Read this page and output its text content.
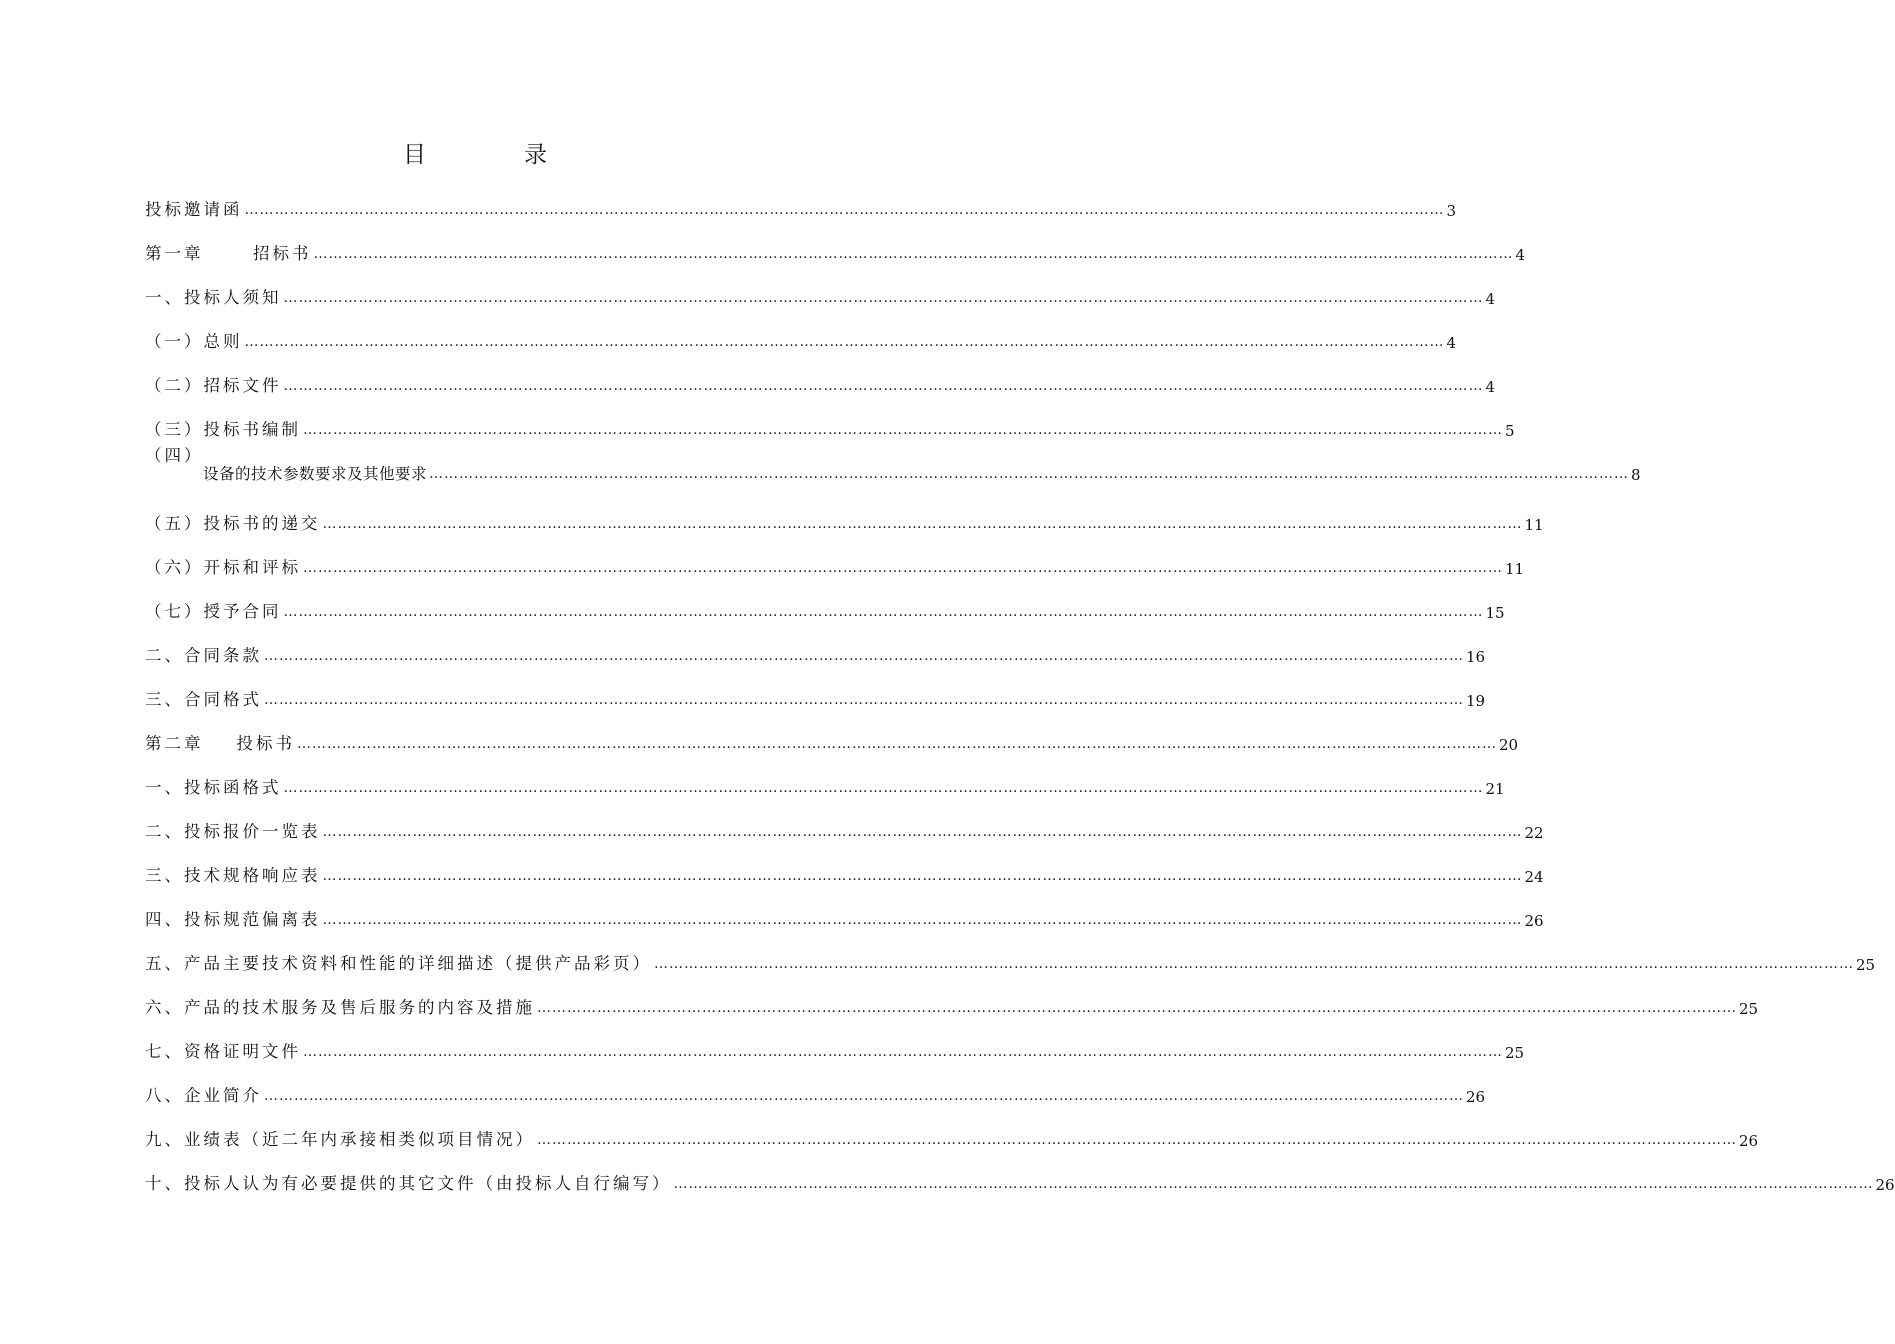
目	录
投标邀请函 …………………………………………………………………………………………………………………………………………………………………………………………………………………… 3
第一章      招标书 …………………………………………………………………………………………………………………………………………………………………………………………………………………… 4
一、投标人须知 …………………………………………………………………………………………………………………………………………………………………………………………………………………… 4
（一）总则 …………………………………………………………………………………………………………………………………………………………………………………………………………………… 4
（二）招标文件 …………………………………………………………………………………………………………………………………………………………………………………………………………………… 4
（三）投标书编制 …………………………………………………………………………………………………………………………………………………………………………………………………………………… 5
（四）
设备的技术参数要求及其他要求 …………………………………………………………………………………………………………………………………………………………………………………………………………………… 8
（五）投标书的递交 …………………………………………………………………………………………………………………………………………………………………………………………………………………… 11
（六）开标和评标 …………………………………………………………………………………………………………………………………………………………………………………………………………………… 11
（七）授予合同 …………………………………………………………………………………………………………………………………………………………………………………………………………………… 15
二、合同条款 …………………………………………………………………………………………………………………………………………………………………………………………………………………… 16
三、合同格式 …………………………………………………………………………………………………………………………………………………………………………………………………………………… 19
第二章    投标书 …………………………………………………………………………………………………………………………………………………………………………………………………………………… 20
一、投标函格式 …………………………………………………………………………………………………………………………………………………………………………………………………………………… 21
二、投标报价一览表 …………………………………………………………………………………………………………………………………………………………………………………………………………………… 22
三、技术规格响应表 …………………………………………………………………………………………………………………………………………………………………………………………………………………… 24
四、投标规范偏离表 …………………………………………………………………………………………………………………………………………………………………………………………………………………… 26
五、产品主要技术资料和性能的详细描述（提供产品彩页） …………………………………………………………………………………………………………………………………………………………………………………………………………………… 25
六、产品的技术服务及售后服务的内容及措施 …………………………………………………………………………………………………………………………………………………………………………………………………………………… 25
七、资格证明文件 …………………………………………………………………………………………………………………………………………………………………………………………………………………… 25
八、企业简介 …………………………………………………………………………………………………………………………………………………………………………………………………………………… 26
九、业绩表（近二年内承接相类似项目情况） …………………………………………………………………………………………………………………………………………………………………………………………………………………… 26
十、投标人认为有必要提供的其它文件（由投标人自行编写） …………………………………………………………………………………………………………………………………………………………………………………………………………………… 26
